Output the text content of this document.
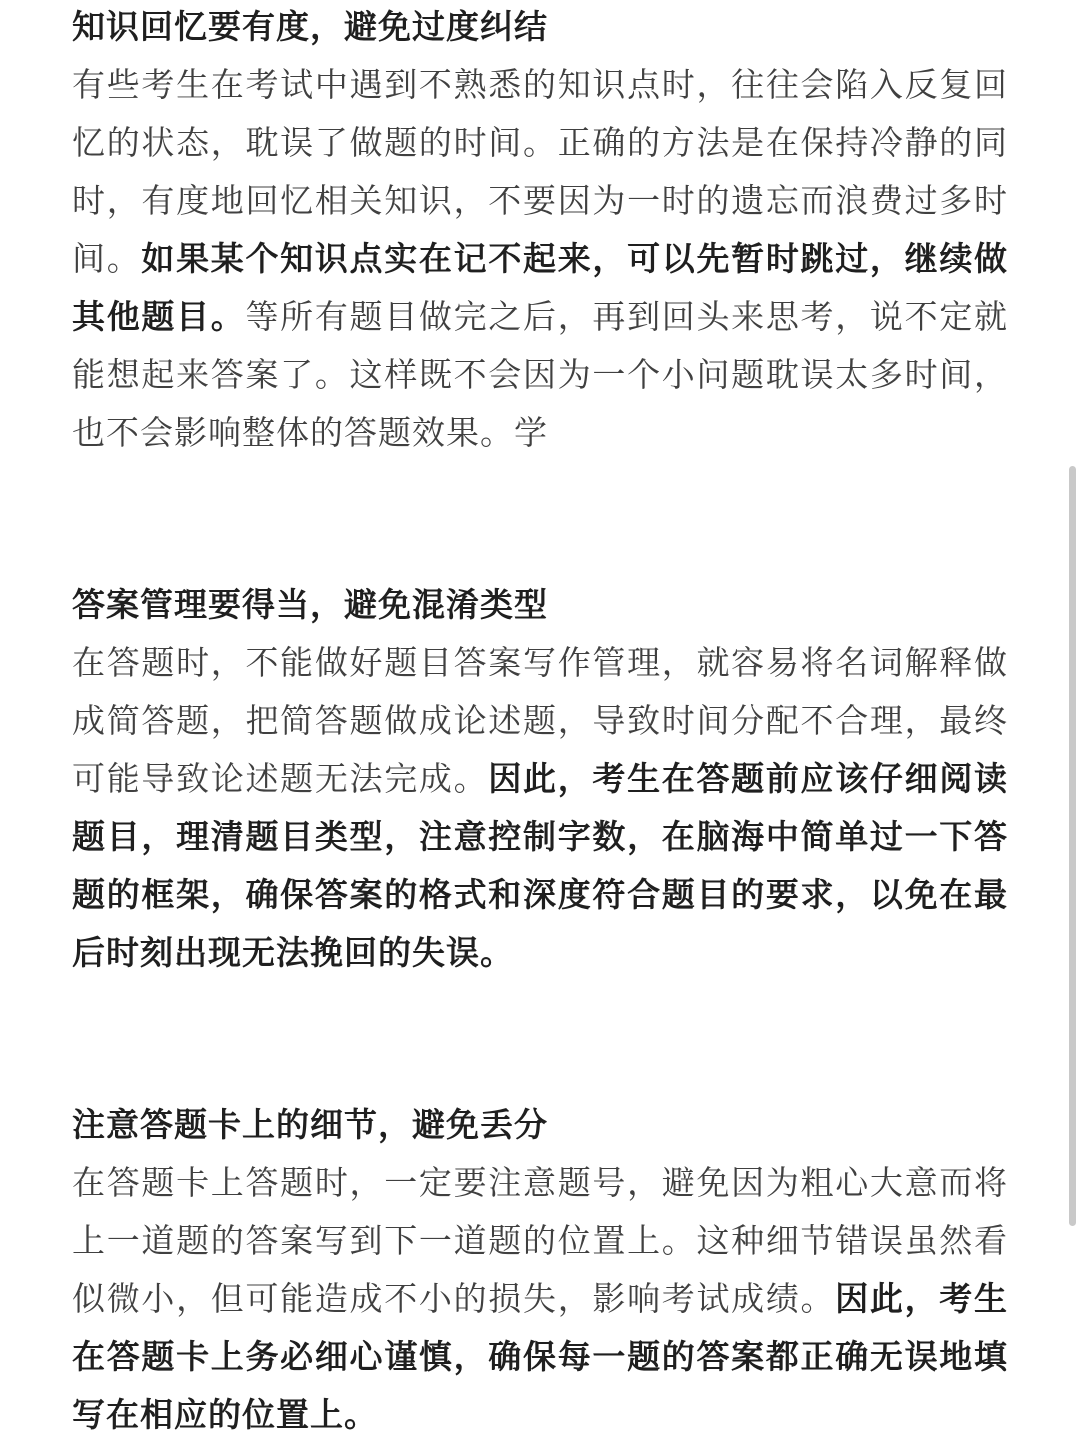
知识回忆要有度，避免过度纠结

有些考生在考试中遇到不熟悉的知识点时，往往会陷入反复回忆的状态，耽误了做题的时间。正确的方法是在保持冷静的同时，有度地回忆相关知识，不要因为一时的遗忘而浪费过多时间。如果某个知识点实在记不起来，可以先暂时跳过，继续做其他题目。等所有题目做完之后，再到回头来思考，说不定就能想起来答案了。这样既不会因为一个小问题耽误太多时间，也不会影响整体的答题效果。学

答案管理要得当，避免混淆类型

在答题时，不能做好题目答案写作管理，就容易将名词解释做成简答题，把简答题做成论述题，导致时间分配不合理，最终可能导致论述题无法完成。因此，考生在答题前应该仔细阅读题目，理清题目类型，注意控制字数，在脑海中简单过一下答题的框架，确保答案的格式和深度符合题目的要求，以免在最后时刻出现无法挽回的失误。

注意答题卡上的细节，避免丢分

在答题卡上答题时，一定要注意题号，避免因为粗心大意而将上一道题的答案写到下一道题的位置上。这种细节错误虽然看似微小，但可能造成不小的损失，影响考试成绩。因此，考生在答题卡上务必细心谨慎，确保每一题的答案都正确无误地填写在相应的位置上。
